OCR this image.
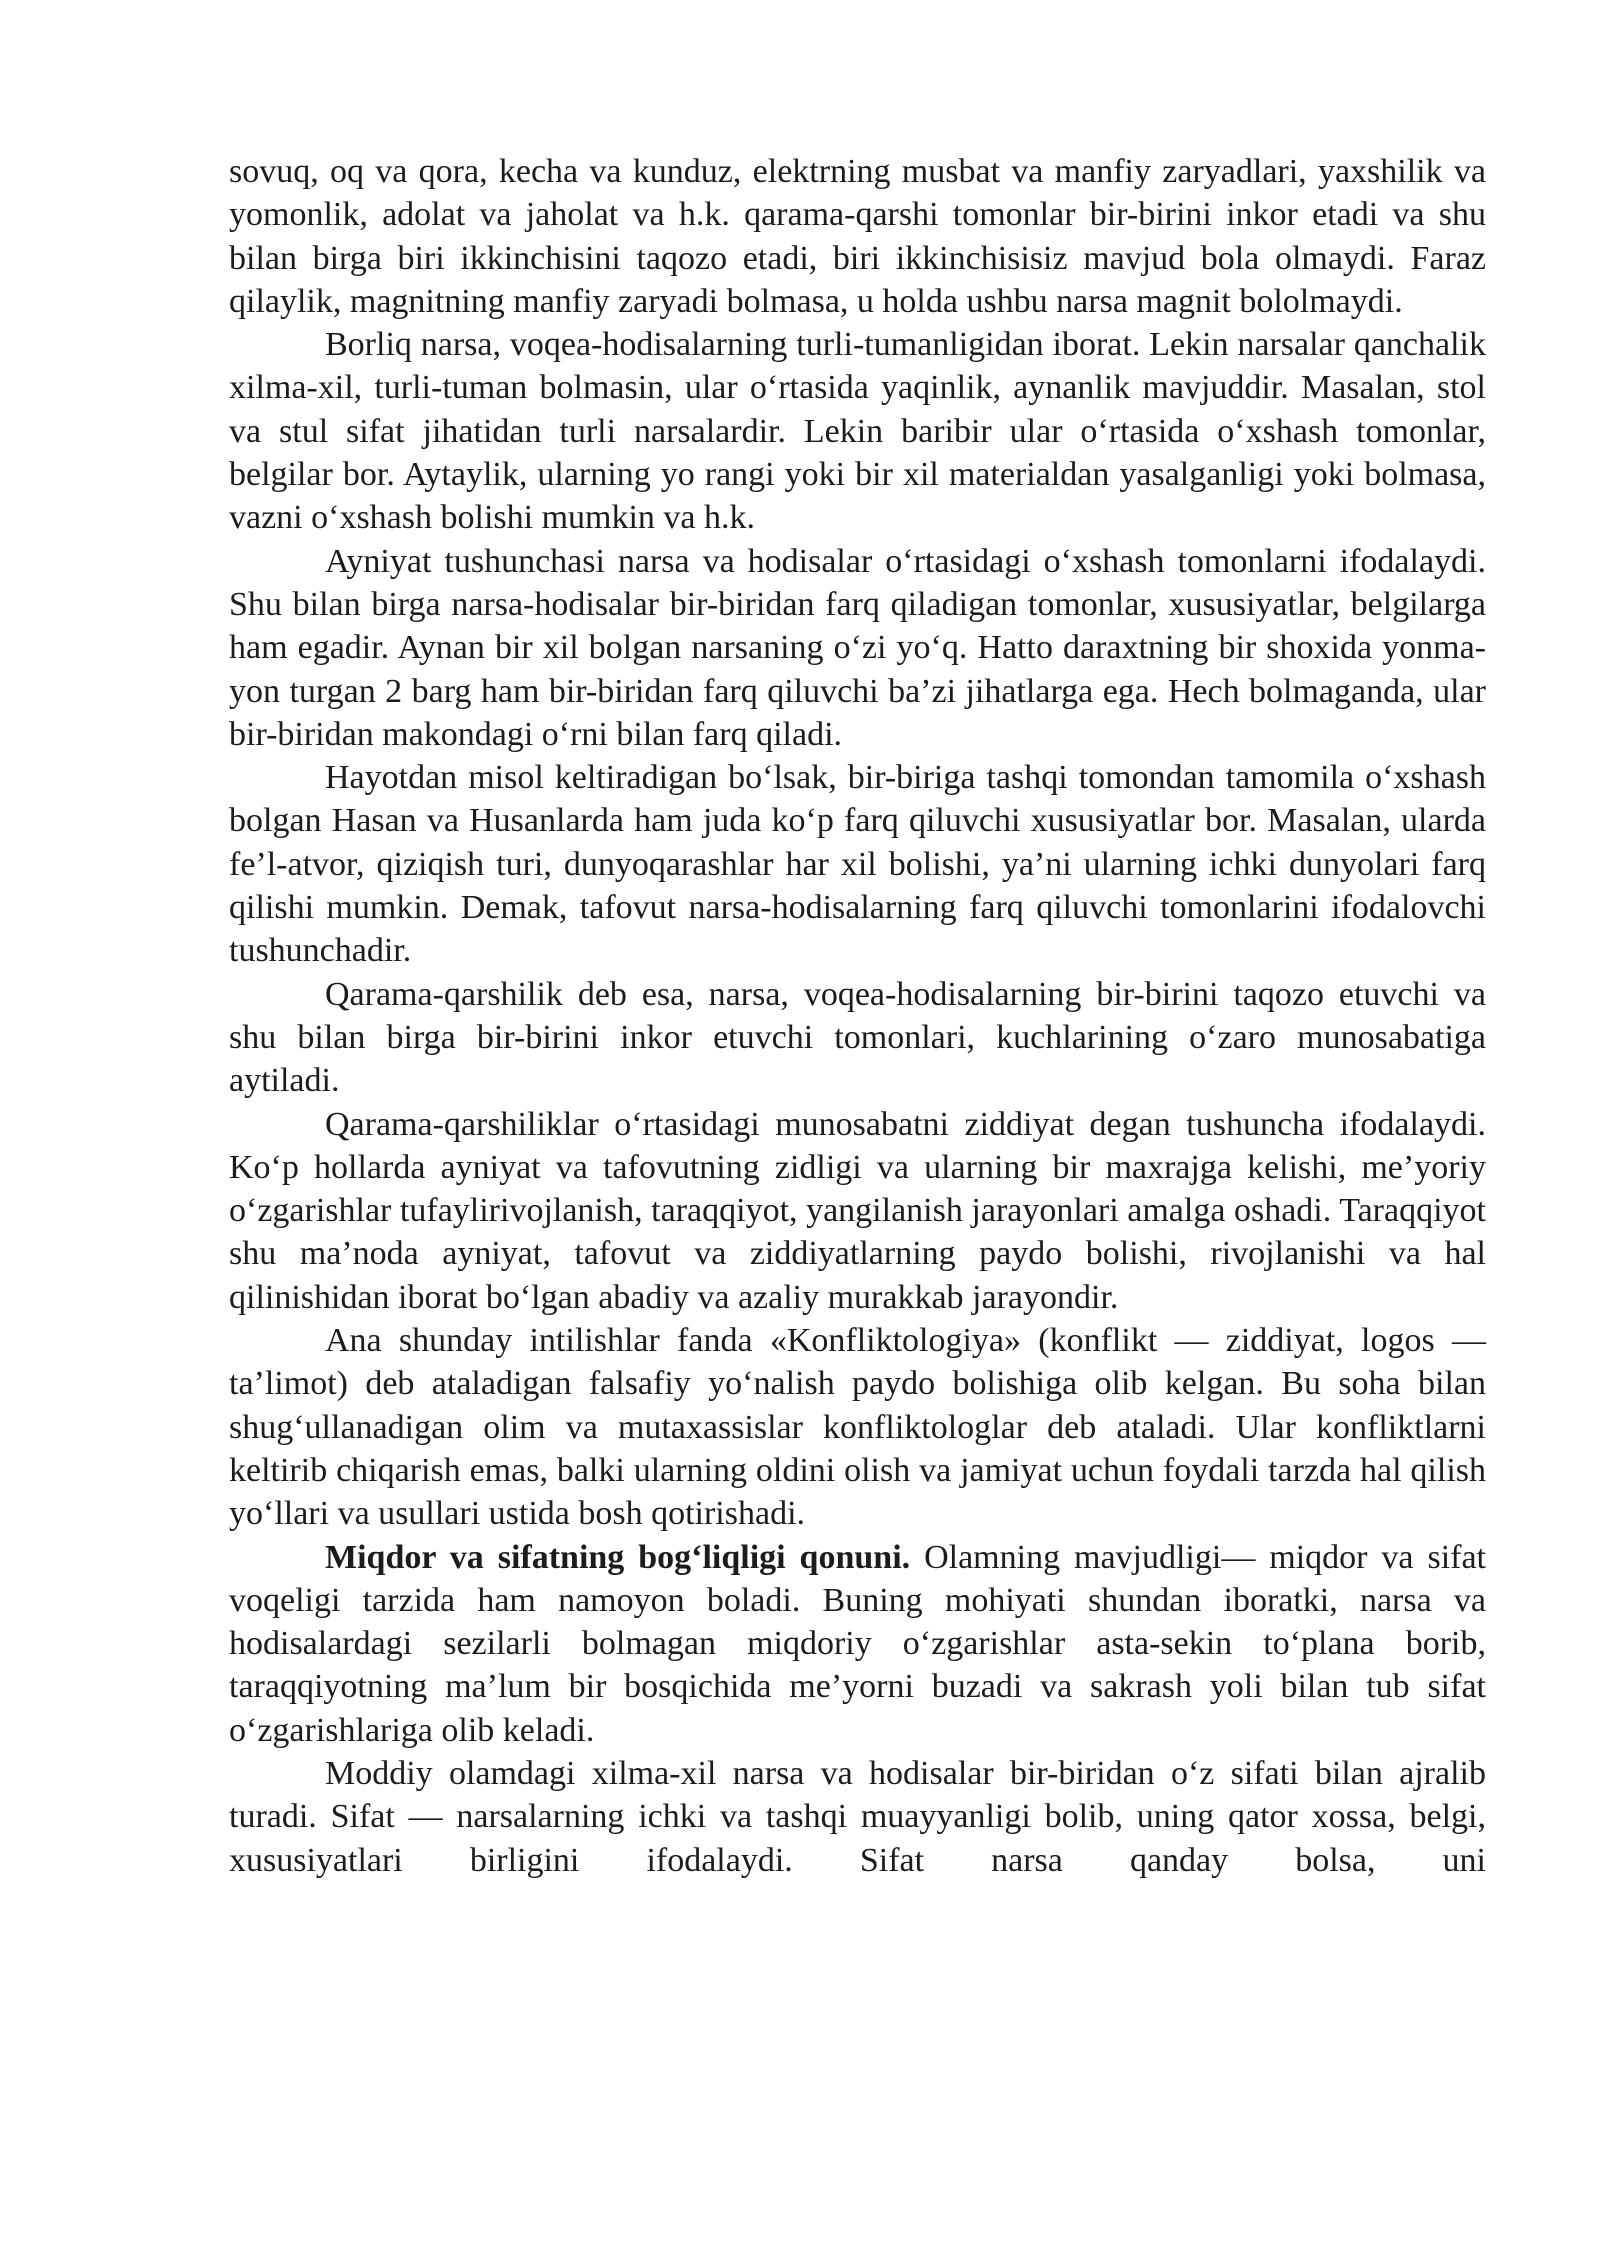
sovuq, oq va qora, kecha va kunduz, elektrning musbat va manfiy zaryadlari, yaxshilik va yomonlik, adolat va jaholat va h.k. qarama-qarshi tomonlar bir-birini inkor etadi va shu bilan birga biri ikkinchisini taqozo etadi, biri ikkinchisisiz mavjud bola olmaydi. Faraz qilaylik, magnitning manfiy zaryadi bolmasa, u holda ushbu narsa magnit bololmaydi.

Borliq narsa, voqea-hodisalarning turli-tumanligidan iborat. Lekin narsalar qanchalik xilma-xil, turli-tuman bolmasin, ular o‘rtasida yaqinlik, aynanlik mavjuddir. Masalan, stol va stul sifat jihatidan turli narsalardir. Lekin baribir ular o‘rtasida o‘xshash tomonlar, belgilar bor. Aytaylik, ularning yo rangi yoki bir xil materialdan yasalganligi yoki bolmasa, vazni o‘xshash bolishi mumkin va h.k.

Ayniyat tushunchasi narsa va hodisalar o‘rtasidagi o‘xshash tomonlarni ifodalaydi. Shu bilan birga narsa-hodisalar bir-biridan farq qiladigan tomonlar, xususiyatlar, belgilarga ham egadir. Aynan bir xil bolgan narsaning o‘zi yo‘q. Hatto daraxtning bir shoxida yonma-yon turgan 2 barg ham bir-biridan farq qiluvchi ba’zi jihatlarga ega. Hech bolmaganda, ular bir-biridan makondagi o‘rni bilan farq qiladi.

Hayotdan misol keltiradigan bo‘lsak, bir-biriga tashqi tomondan tamomila o‘xshash bolgan Hasan va Husanlarda ham juda ko‘p farq qiluvchi xususiyatlar bor. Masalan, ularda fe’l-atvor, qiziqish turi, dunyoqarashlar har xil bolishi, ya’ni ularning ichki dunyolari farq qilishi mumkin. Demak, tafovut narsa-hodisalarning farq qiluvchi tomonlarini ifodalovchi tushunchadir.

Qarama-qarshilik deb esa, narsa, voqea-hodisalarning bir-birini taqozo etuvchi va shu bilan birga bir-birini inkor etuvchi tomonlari, kuchlarining o‘zaro munosabatiga aytiladi.

Qarama-qarshiliklar o‘rtasidagi munosabatni ziddiyat degan tushuncha ifodalaydi. Ko‘p hollarda ayniyat va tafovutning zidligi va ularning bir maxrajga kelishi, me’yoriy o‘zgarishlar tufaylirivojlanish, taraqqiyot, yangilanish jarayonlari amalga oshadi. Taraqqiyot shu ma’noda ayniyat, tafovut va ziddiyatlarning paydo bolishi, rivojlanishi va hal qilinishidan iborat bo‘lgan abadiy va azaliy murakkab jarayondir.

Ana shunday intilishlar fanda «Konfliktologiya» (konflikt — ziddiyat, logos — ta’limot) deb ataladigan falsafiy yo‘nalish paydo bolishiga olib kelgan. Bu soha bilan shug‘ullanadigan olim va mutaxassislar konfliktologlar deb ataladi. Ular konfliktlarni keltirib chiqarish emas, balki ularning oldini olish va jamiyat uchun foydali tarzda hal qilish yo‘llari va usullari ustida bosh qotirishadi.

Miqdor va sifatning bog‘liqligi qonuni. Olamning mavjudligi— miqdor va sifat voqeligi tarzida ham namoyon boladi. Buning mohiyati shundan iboratki, narsa va hodisalardagi sezilarli bolmagan miqdoriy o‘zgarishlar asta-sekin to‘plana borib, taraqqiyotning ma’lum bir bosqichida me’yorni buzadi va sakrash yoli bilan tub sifat o‘zgarishlariga olib keladi.

Moddiy olamdagi xilma-xil narsa va hodisalar bir-biridan o‘z sifati bilan ajralib turadi. Sifat — narsalarning ichki va tashqi muayyanligi bolib, uning qator xossa, belgi, xususiyatlari birligini ifodalaydi. Sifat narsa qanday bolsa, uni
